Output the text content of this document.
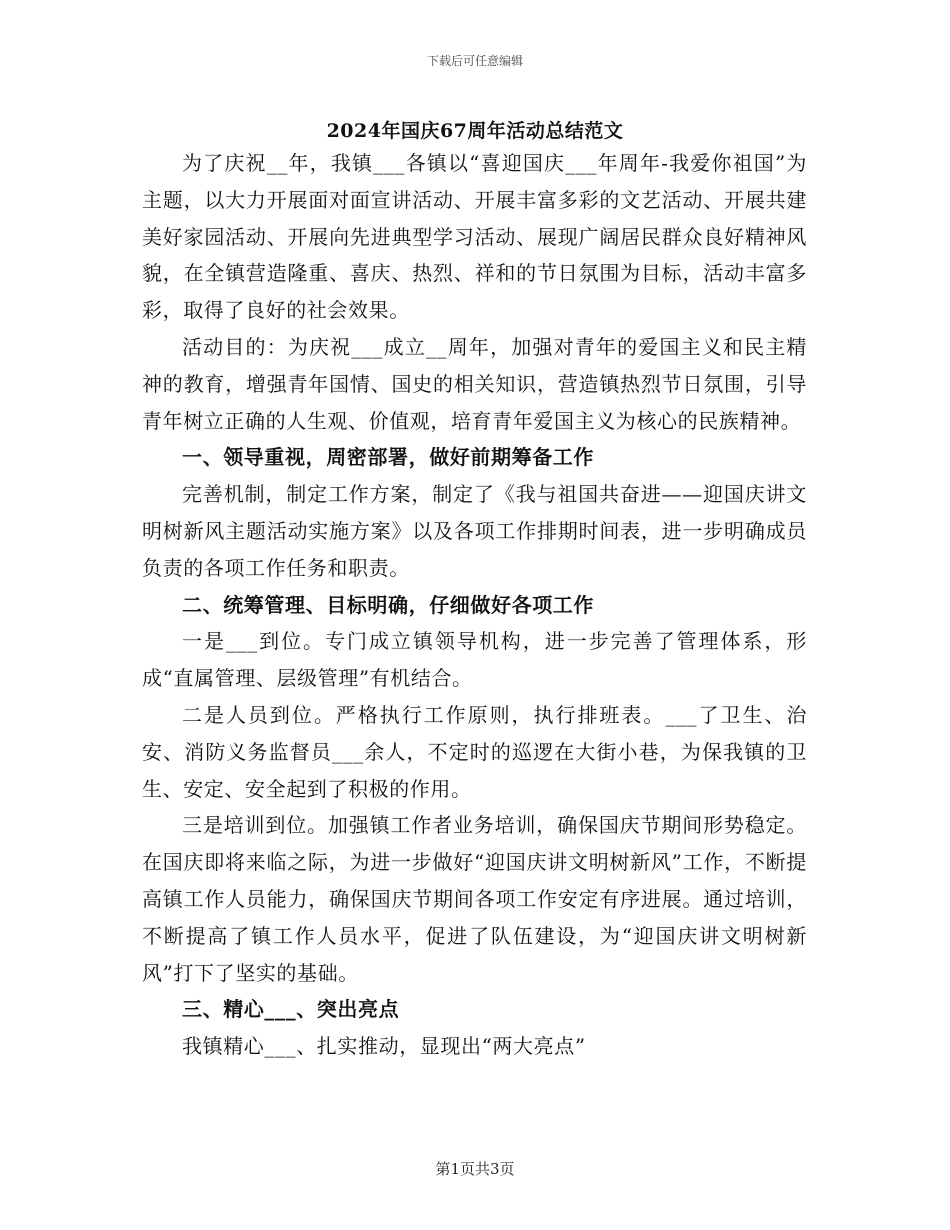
下载后可任意编辑
2024年国庆67周年活动总结范文

为了庆祝__年，我镇___各镇以“喜迎国庆___年周年-我爱你祖国”为主题，以大力开展面对面宣讲活动、开展丰富多彩的文艺活动、开展共建美好家园活动、开展向先进典型学习活动、展现广阔居民群众良好精神风貌，在全镇营造隆重、喜庆、热烈、祥和的节日氛围为目标，活动丰富多彩，取得了良好的社会效果。

活动目的：为庆祝___成立__周年，加强对青年的爱国主义和民主精神的教育，增强青年国情、国史的相关知识，营造镇热烈节日氛围，引导青年树立正确的人生观、价值观，培育青年爱国主义为核心的民族精神。

一、领导重视，周密部署，做好前期筹备工作

完善机制，制定工作方案，制定了《我与祖国共奋进——迎国庆讲文明树新风主题活动实施方案》以及各项工作排期时间表，进一步明确成员负责的各项工作任务和职责。

二、统筹管理、目标明确，仔细做好各项工作

一是___到位。专门成立镇领导机构，进一步完善了管理体系，形成“直属管理、层级管理”有机结合。

二是人员到位。严格执行工作原则，执行排班表。___了卫生、治安、消防义务监督员___余人，不定时的巡逻在大街小巷，为保我镇的卫生、安定、安全起到了积极的作用。

三是培训到位。加强镇工作者业务培训，确保国庆节期间形势稳定。在国庆即将来临之际，为进一步做好“迎国庆讲文明树新风”工作，不断提高镇工作人员能力，确保国庆节期间各项工作安定有序进展。通过培训，不断提高了镇工作人员水平，促进了队伍建设，为“迎国庆讲文明树新风”打下了坚实的基础。

三、精心___、突出亮点

我镇精心___、扎实推动，显现出“两大亮点”

第1页共3页
